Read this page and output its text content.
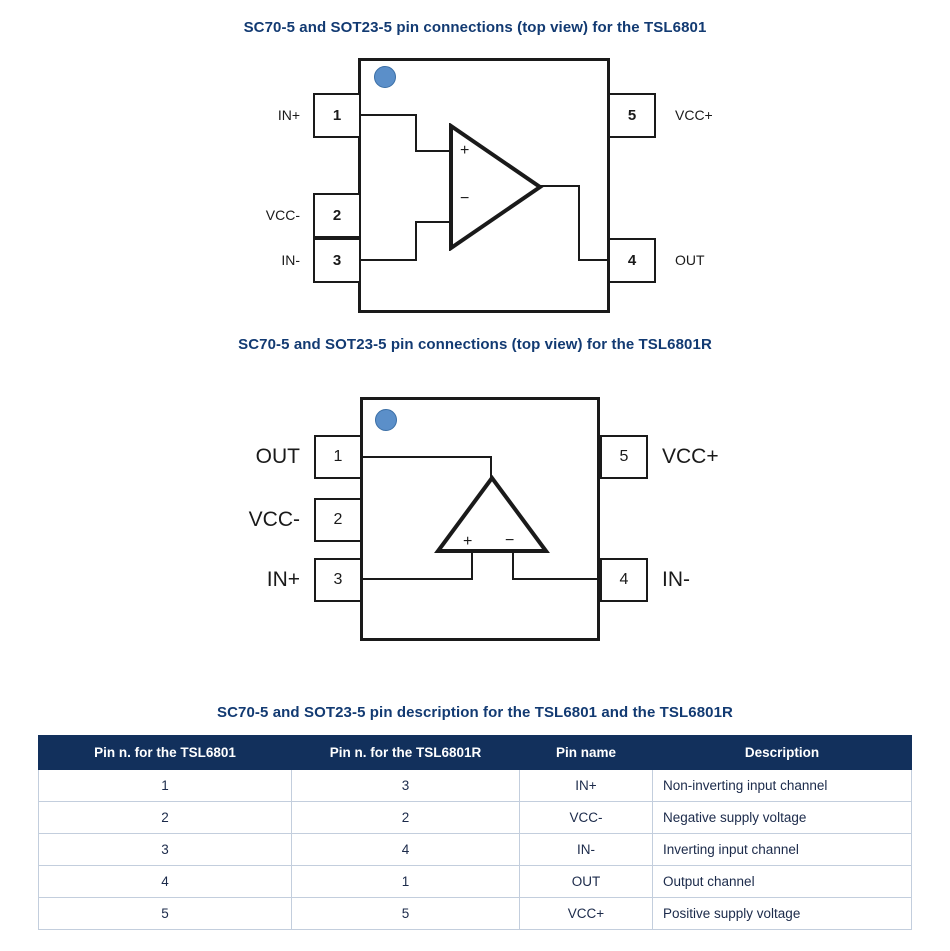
SC70-5 and SOT23-5 pin connections (top view) for the TSL6801
1
2
3
5
4
IN+
VCC-
IN-
VCC+
OUT
+
−
SC70-5 and SOT23-5 pin connections (top view) for the TSL6801R
1
2
3
5
4
OUT
VCC-
IN+
VCC+
IN-
+ −
SC70-5 and SOT23-5 pin description for the TSL6801 and the TSL6801R
Pin n. for the TSL6801	Pin n. for the TSL6801R	Pin name	Description
1	3	IN+	Non-inverting input channel
2	2	VCC-	Negative supply voltage
3	4	IN-	Inverting input channel
4	1	OUT	Output channel
5	5	VCC+	Positive supply voltage
